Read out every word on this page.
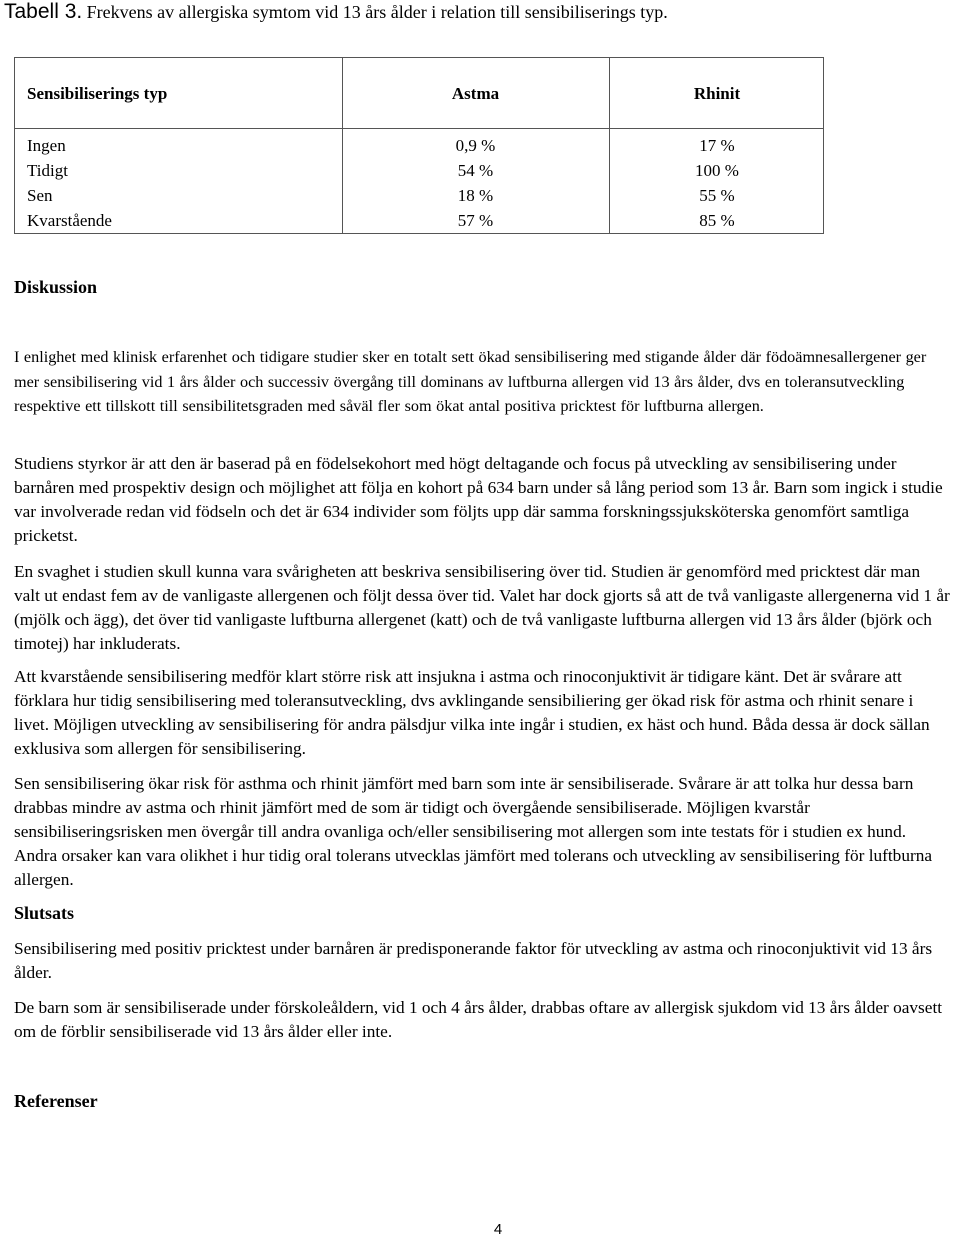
Tabell 3. Frekvens av allergiska symtom vid 13 års ålder i relation till sensibiliserings typ.
Sensibiliserings typ	Astma	Rhinit
Ingen	0,9 %	17 %
Tidigt	54 %	100 %
Sen	18 %	55 %
Kvarstående	57 %	85 %
Diskussion

I enlighet med klinisk erfarenhet och tidigare studier sker en totalt sett ökad sensibilisering med stigande ålder där födoämnesallergener ger mer sensibilisering vid 1 års ålder och successiv övergång till dominans av luftburna allergen vid 13 års ålder, dvs en toleransutveckling respektive ett tillskott till sensibilitetsgraden med såväl fler som ökat antal positiva pricktest för luftburna allergen.

Studiens styrkor är att den är baserad på en födelsekohort med högt deltagande och focus på utveckling av sensibilisering under barnåren med prospektiv design och möjlighet att följa en kohort på 634 barn under så lång period som 13 år. Barn som ingick i studie var involverade redan vid födseln och det är 634 individer som följts upp där samma forskningssjuksköterska genomfört samtliga pricketst.

En svaghet i studien skull kunna vara svårigheten att beskriva sensibilisering över tid. Studien är genomförd med pricktest där man valt ut endast fem av de vanligaste allergenen och följt dessa över tid. Valet har dock gjorts så att de två vanligaste allergenerna vid 1 år (mjölk och ägg), det över tid vanligaste luftburna allergenet (katt) och de två vanligaste luftburna allergen vid 13 års ålder (björk och timotej) har inkluderats.

Att kvarstående sensibilisering medför klart större risk att insjukna i astma och rinoconjuktivit är tidigare känt. Det är svårare att förklara hur tidig sensibilisering med toleransutveckling, dvs avklingande sensibiliering ger ökad risk för astma och rhinit senare i livet. Möjligen utveckling av sensibilisering för andra pälsdjur vilka inte ingår i studien, ex häst och hund. Båda dessa är dock sällan exklusiva som allergen för sensibilisering.

Sen sensibilisering ökar risk för asthma och rhinit jämfört med barn som inte är sensibiliserade. Svårare är att tolka hur dessa barn drabbas mindre av astma och rhinit jämfört med de som är tidigt och övergående sensibiliserade. Möjligen kvarstår sensibiliseringsrisken men övergår till andra ovanliga och/eller sensibilisering mot allergen som inte testats för i studien ex hund. Andra orsaker kan vara olikhet i hur tidig oral tolerans utvecklas jämfört med tolerans och utveckling av sensibilisering för luftburna allergen.

Slutsats

Sensibilisering med positiv pricktest under barnåren är predisponerande faktor för utveckling av astma och rinoconjuktivit vid 13 års ålder.

De barn som är sensibiliserade under förskoleåldern, vid 1 och 4 års ålder, drabbas oftare av allergisk sjukdom vid 13 års ålder oavsett om de förblir sensibiliserade vid 13 års ålder eller inte.

Referenser
4
